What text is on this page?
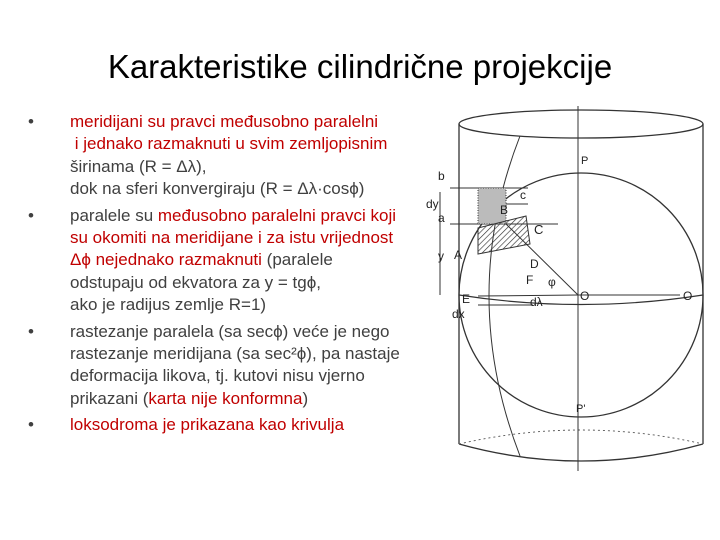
Karakteristike cilindrične projekcije
• meridijani su pravci međusobno paralelni
i jednako razmaknuti u svim zemljopisnim
širinama (R = Δλ),
dok na sferi konvergiraju (R = Δλ·cosϕ)
• paralele su međusobno paralelni pravci koji
su okomiti na meridijane i za istu vrijednost
Δϕ nejednako razmaknuti (paralele
odstupaju od ekvatora za y = tgϕ,
ako je radijus zemlje R=1)
• rastezanje paralela (sa secϕ) veće je nego
rastezanje meridijana (sa sec²ϕ), pa nastaje
deformacija likova, tj. kutovi nisu vjerno
prikazani (karta nije konformna)
• loksodroma je prikazana kao krivulja
b
c
dy
a
y
dx
B
C
A
D
E
F φ
dλ	O	O
P
P'
